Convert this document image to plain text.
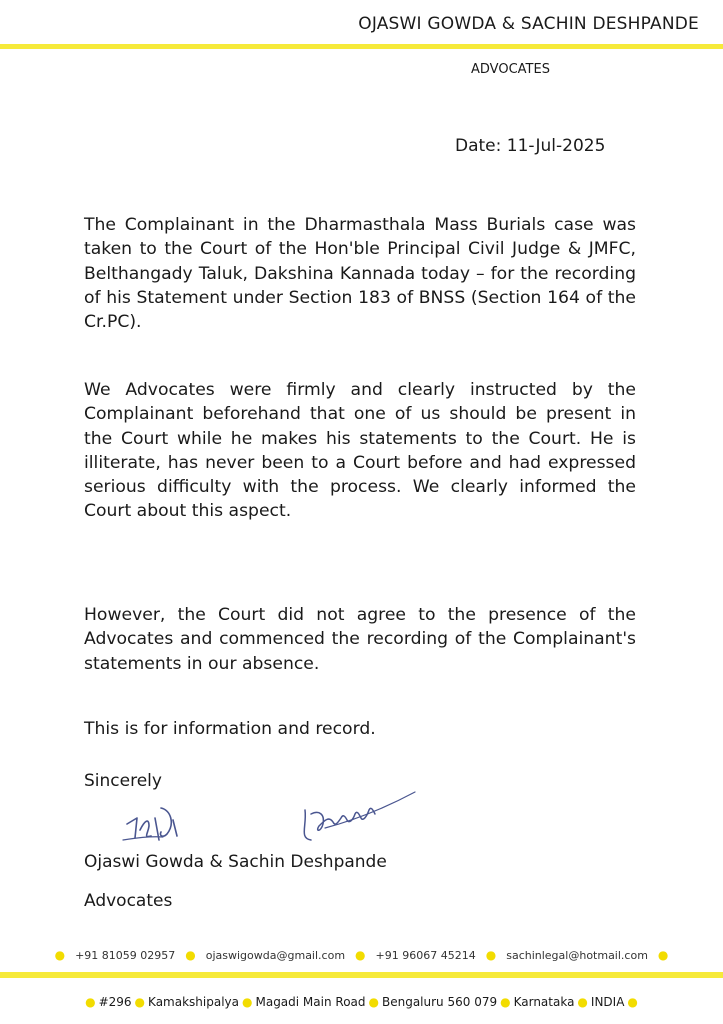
OJASWI GOWDA & SACHIN DESHPANDE
ADVOCATES
Date: 11-Jul-2025

The Complainant in the Dharmasthala Mass Burials case was taken to the Court of the Hon'ble Principal Civil Judge & JMFC, Belthangady Taluk, Dakshina Kannada today – for the recording of his Statement under Section 183 of BNSS (Section 164 of the Cr.PC).

We Advocates were firmly and clearly instructed by the Complainant beforehand that one of us should be present in the Court while he makes his statements to the Court. He is illiterate, has never been to a Court before and had expressed serious difficulty with the process. We clearly informed the Court about this aspect.

However, the Court did not agree to the presence of the Advocates and commenced the recording of the Complainant's statements in our absence.

This is for information and record.

Sincerely
Ojaswi Gowda & Sachin Deshpande
Advocates
● +91 81059 02957 ● ojaswigowda@gmail.com ● +91 96067 45214 ● sachinlegal@hotmail.com ●
● #296 ● Kamakshipalya ● Magadi Main Road ● Bengaluru 560 079 ● Karnataka ● INDIA ●
